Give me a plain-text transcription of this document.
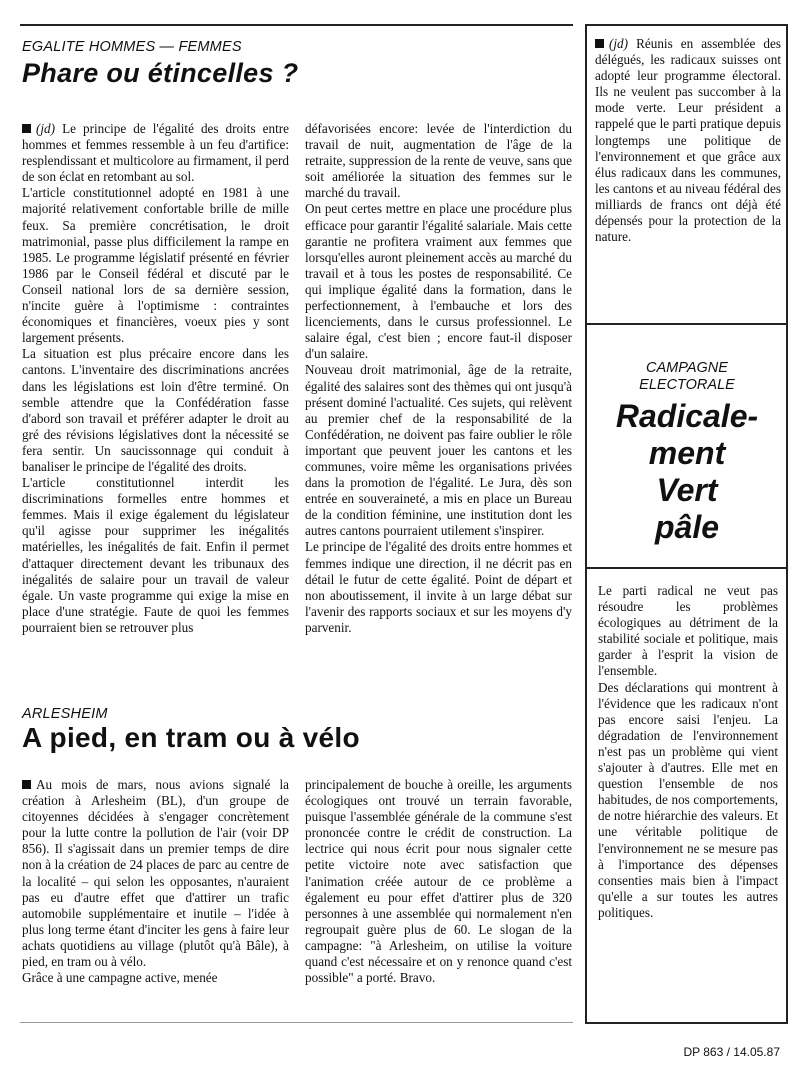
EGALITE HOMMES — FEMMES
Phare ou étincelles ?

(jd) Le principe de l'égalité des droits entre hommes et femmes ressemble à un feu d'artifice: resplendissant et multicolore au firmament, il perd de son éclat en retombant au sol.

L'article constitutionnel adopté en 1981 à une majorité relativement confortable brille de mille feux. Sa première concrétisation, le droit matrimonial, passe plus difficilement la rampe en 1985. Le programme législatif présenté en février 1986 par le Conseil fédéral et discuté par le Conseil national lors de sa dernière session, n'incite guère à l'optimisme : contraintes économiques et financières, voeux pies y sont largement présents.

La situation est plus précaire encore dans les cantons. L'inventaire des discriminations ancrées dans les législations est loin d'être terminé. On semble attendre que la Confédération fasse d'abord son travail et préférer adapter le droit au gré des révisions législatives dont la nécessité se fera sentir. Un saucissonnage qui conduit à banaliser le principe de l'égalité des droits.

L'article constitutionnel interdit les discriminations formelles entre hommes et femmes. Mais il exige également du législateur qu'il agisse pour supprimer les inégalités matérielles, les inégalités de fait. Enfin il permet d'attaquer directement devant les tribunaux des inégalités de salaire pour un travail de valeur égale. Un vaste programme qui exige la mise en place d'une stratégie. Faute de quoi les femmes pourraient bien se retrouver plus

défavorisées encore: levée de l'interdiction du travail de nuit, augmentation de l'âge de la retraite, suppression de la rente de veuve, sans que soit améliorée la situation des femmes sur le marché du travail.

On peut certes mettre en place une procédure plus efficace pour garantir l'égalité salariale. Mais cette garantie ne profitera vraiment aux femmes que lorsqu'elles auront pleinement accès au marché du travail et à tous les postes de responsabilité. Ce qui implique égalité dans la formation, dans le perfectionnement, à l'embauche et lors des licenciements, dans le cursus professionnel. Le salaire égal, c'est bien ; encore faut-il disposer d'un salaire.

Nouveau droit matrimonial, âge de la retraite, égalité des salaires sont des thèmes qui ont jusqu'à présent dominé l'actualité. Ces sujets, qui relèvent au premier chef de la responsabilité de la Confédération, ne doivent pas faire oublier le rôle important que peuvent jouer les cantons et les communes, voire même les organisations privées dans la promotion de l'égalité. Le Jura, dès son entrée en souveraineté, a mis en place un Bureau de la condition féminine, une institution dont les autres cantons pourraient utilement s'inspirer.

Le principe de l'égalité des droits entre hommes et femmes indique une direction, il ne décrit pas en détail le futur de cette égalité. Point de départ et non aboutissement, il invite à un large débat sur l'avenir des rapports sociaux et sur les moyens d'y parvenir.

ARLESHEIM
A pied, en tram ou à vélo

Au mois de mars, nous avions signalé la création à Arlesheim (BL), d'un groupe de citoyennes décidées à s'engager concrètement pour la lutte contre la pollution de l'air (voir DP 856). Il s'agissait dans un premier temps de dire non à la création de 24 places de parc au centre de la localité – qui selon les opposantes, n'auraient pas eu d'autre effet que d'attirer un trafic automobile supplémentaire et inutile – l'idée à plus long terme étant d'inciter les gens à faire leur achats quotidiens au village (plutôt qu'à Bâle), à pied, en tram ou à vélo.

Grâce à une campagne active, menée

principalement de bouche à oreille, les arguments écologiques ont trouvé un terrain favorable, puisque l'assemblée générale de la commune s'est prononcée contre le crédit de construction. La lectrice qui nous écrit pour nous signaler cette petite victoire note avec satisfaction que l'animation créée autour de ce problème a également eu pour effet d'attirer plus de 320 personnes à une assemblée qui normalement n'en regroupait guère plus de 60. Le slogan de la campagne: "à Arlesheim, on utilise la voiture quand c'est nécessaire et on y renonce quand c'est possible" a porté. Bravo.

(jd) Réunis en assemblée des délégués, les radicaux suisses ont adopté leur programme électoral. Ils ne veulent pas succomber à la mode verte. Leur président a rappelé que le parti pratique depuis longtemps une politique de l'environnement et que grâce aux élus radicaux dans les communes, les cantons et au niveau fédéral des milliards de francs ont déjà été dépensés pour la protection de la nature.

CAMPAGNE
ELECTORALE
Radicale-
ment
Vert
pâle

Le parti radical ne veut pas résoudre les problèmes écologiques au détriment de la stabilité sociale et politique, mais garder à l'esprit la vision de l'ensemble.

Des déclarations qui montrent à l'évidence que les radicaux n'ont pas encore saisi l'enjeu. La dégradation de l'environnement n'est pas un problème qui vient s'ajouter à d'autres. Elle met en question l'ensemble de nos habitudes, de nos comportements, de notre hiérarchie des valeurs. Et une véritable politique de l'environnement ne se mesure pas à l'importance des dépenses consenties mais bien à l'impact qu'elle a sur toutes les autres politiques.

DP 863 / 14.05.87
